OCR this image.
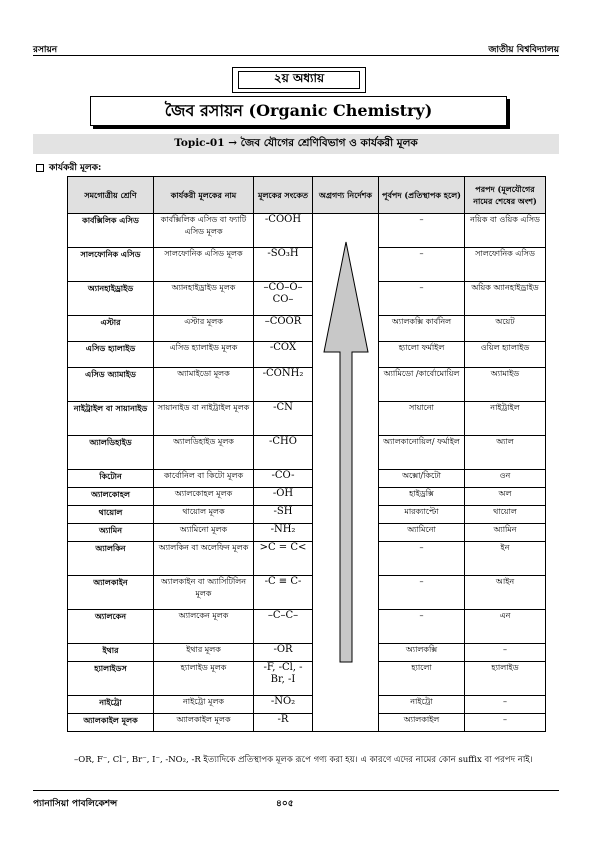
রসায়ন	জাতীয় বিশ্ববিদ্যালয়
২য় অধ্যায়
জৈব রসায়ন (Organic Chemistry)
Topic-01 → জৈব যৌগের শ্রেণিবিভাগ ও কার্যকরী মূলক
কার্যকরী মূলক:
সমগোত্রীয় শ্রেণি	কার্যকরী মূলকের নাম	মূলকের সংকেত	অগ্রগণ্য নির্দেশক	পূর্বপদ (প্রতিস্থাপক হলে)	পরপদ (মূলযৌগের নামের শেষের অংশ)
কার্বক্সিলিক এসিড	কার্বক্সিলিক এসিড বা ফ্যাটি এসিড মূলক	-COOH		–	নয়িক বা ওয়িক এসিড
সালফোনিক এসিড	সালফোনিক এসিড মূলক	-SO₃H		–	সালফোনিক এসিড
অ্যানহাইড্রাইড	অ্যানহাইড্রাইড মূলক	–CO–O–CO–		–	অয়িক অ্যানহাইড্রাইড
এস্টার	এস্টার মূলক	–COOR		অ্যালকক্সি কার্বনিল	অয়েট
এসিড হ্যালাইড	এসিড হ্যালাইড মূলক	-COX		হ্যালো ফর্মাইল	ওয়িল হ্যালাইড
এসিড অ্যামাইড	অ্যামাইডো মূলক	-CONH₂		অ্যামিডো /কার্বোমোয়িল	অ্যামাইড
নাইট্রাইল বা সায়ানাইড	সায়ানাইড বা নাইট্রাইল মূলক	-CN		সায়ানো	নাইট্রাইল
অ্যালডিহাইড	অ্যালডিহাইড মূলক	-CHO		অ্যালকানোয়িল/ ফর্মাইল	অ্যাল
কিটোন	কার্বোনিল বা কিটো মূলক	-CO-		অক্সো/কিটো	ওন
অ্যালকোহল	অ্যালকোহল মূলক	-OH		হাইড্রক্সি	অল
থায়োল	থায়োল মূলক	-SH		মারক্যাপ্টো	থায়োল
অ্যামিন	অ্যামিনো মূলক	-NH₂		অ্যামিনো	অ্যামিন
অ্যালকিন	অ্যালকিন বা অলেফিন মূলক	>C = C<		–	ইন
অ্যালকাইন	অ্যালকাইন বা অ্যাসিটিলিন মূলক	-C ≡ C-		–	আইন
অ্যালকেন	অ্যালকেন মূলক	–C–C–		–	এন
ইথার	ইথার মূলক	-OR		অ্যালকক্সি	–
হ্যালাইডস	হ্যালাইড মূলক	-F, -Cl, -Br, -I		হ্যালো	হ্যালাইড
নাইট্রো	নাইট্রো মূলক	-NO₂		নাইট্রো	–
অ্যালকাইল মূলক	অ্যালকাইল মূলক	-R		অ্যালকাইল	–
–OR, F⁻, Cl⁻, Br⁻, I⁻, -NO₂, -R ইত্যাদিকে প্রতিস্থাপক মূলক রূপে গণ্য করা হয়। এ কারণে এদের নামের কোন suffix বা পরপদ নাই।
প্যানাসিয়া পাবলিকেশন্স	৪০৫
